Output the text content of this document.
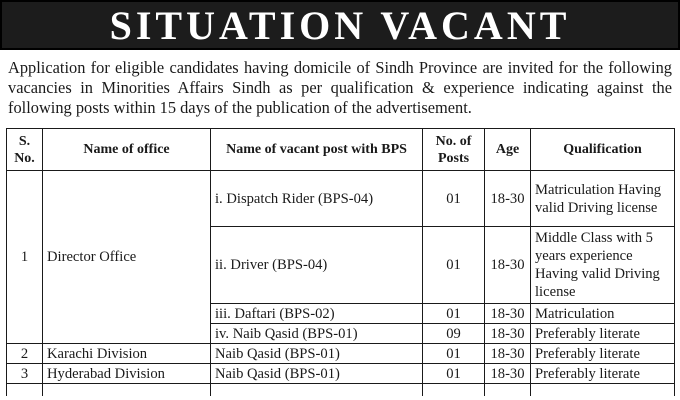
SITUATION VACANT

Application for eligible candidates having domicile of Sindh Province are invited for the following vacancies in Minorities Affairs Sindh as per qualification & experience indicating against the following posts within 15 days of the publication of the advertisement.

S. No.	Name of office	Name of vacant post with BPS	No. of Posts	Age	Qualification
1	Director Office	i. Dispatch Rider (BPS-04)	01	18-30	Matriculation Having valid Driving license
		ii. Driver (BPS-04)	01	18-30	Middle Class with 5 years experience Having valid Driving license
		iii. Daftari (BPS-02)	01	18-30	Matriculation
		iv. Naib Qasid (BPS-01)	09	18-30	Preferably literate
2	Karachi Division	Naib Qasid (BPS-01)	01	18-30	Preferably literate
3	Hyderabad Division	Naib Qasid (BPS-01)	01	18-30	Preferably literate
